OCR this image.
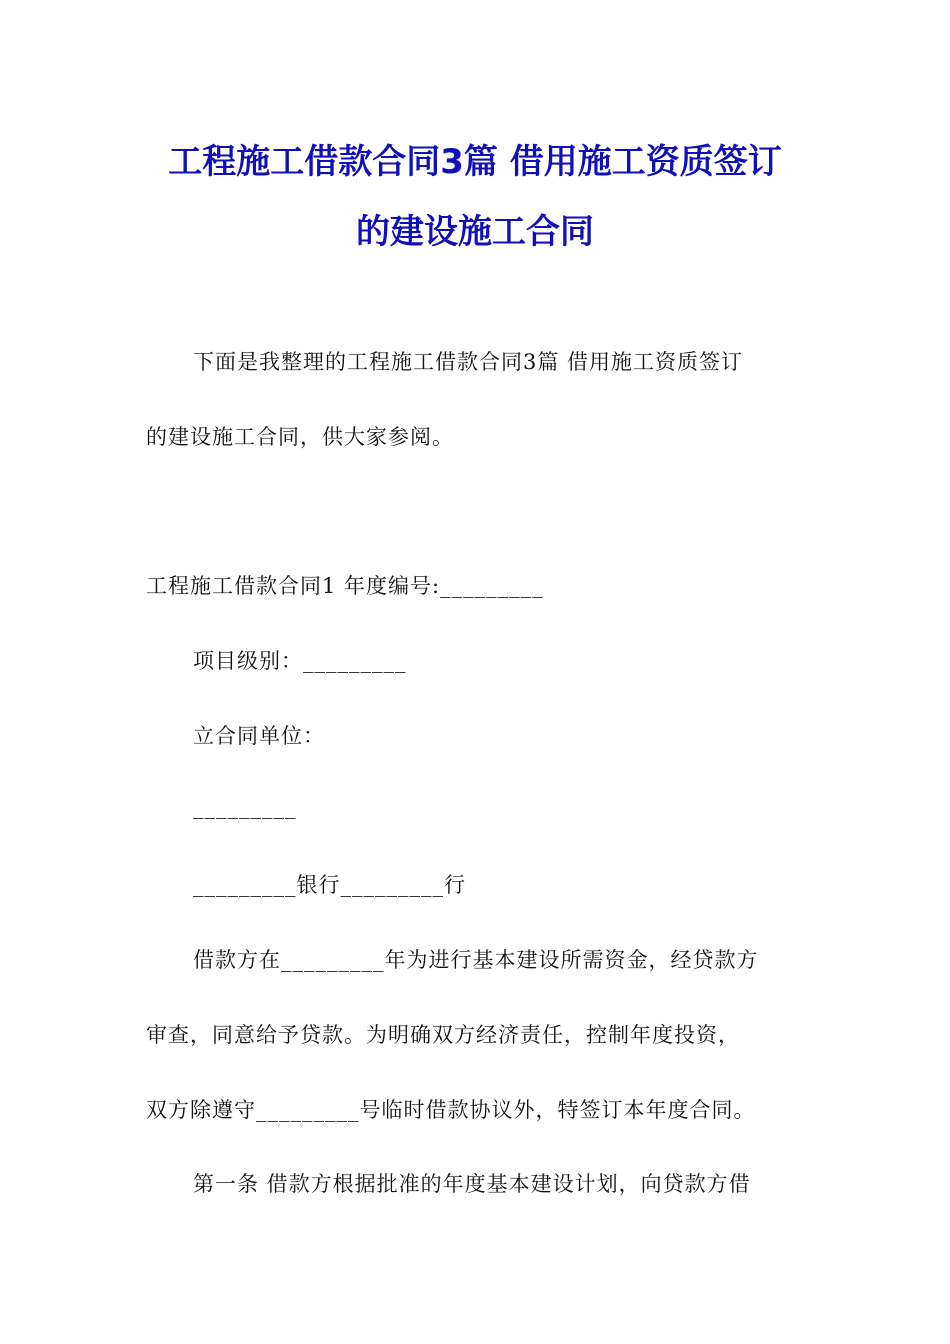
工程施工借款合同3篇 借用施工资质签订
的建设施工合同
下面是我整理的工程施工借款合同3篇 借用施工资质签订
的建设施工合同，供大家参阅。
工程施工借款合同1 年度编号:_________
项目级别：_________
立合同单位：
_________
_________银行_________行
借款方在_________年为进行基本建设所需资金，经贷款方
审查，同意给予贷款。为明确双方经济责任，控制年度投资，
双方除遵守_________号临时借款协议外，特签订本年度合同。
第一条 借款方根据批准的年度基本建设计划，向贷款方借
